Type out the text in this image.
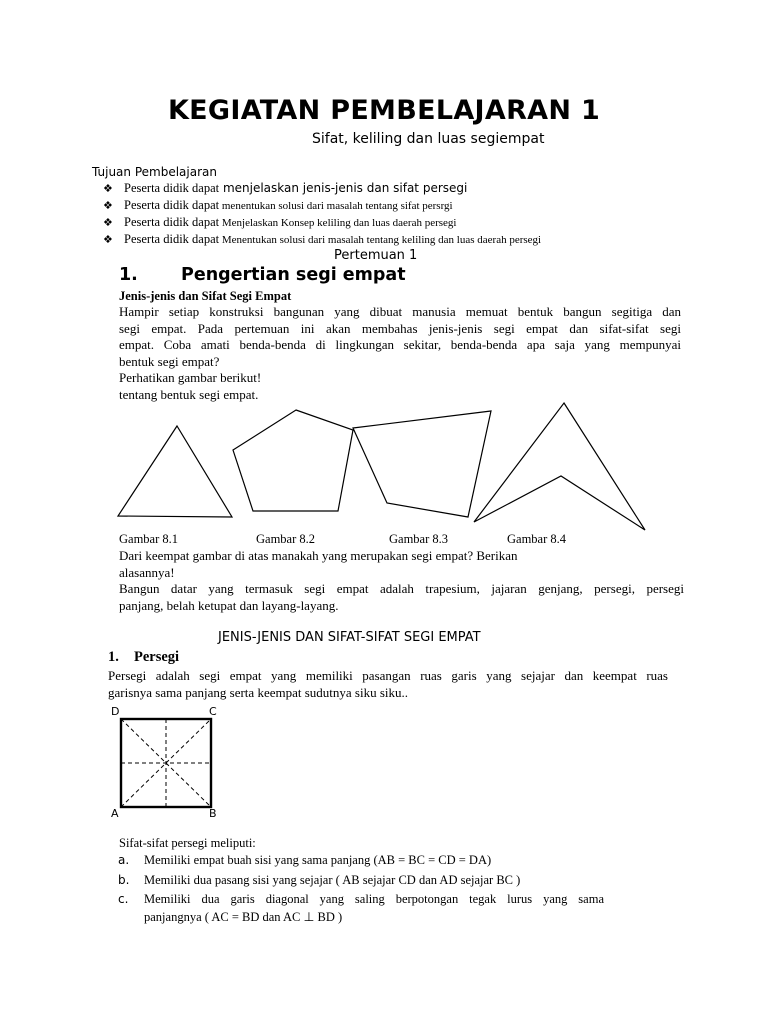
KEGIATAN PEMBELAJARAN 1
Sifat, keliling dan luas segiempat
Tujuan Pembelajaran
❖ Peserta didik dapat menjelaskan jenis-jenis dan sifat persegi
❖ Peserta didik dapat menentukan solusi dari masalah tentang sifat persrgi
❖ Peserta didik dapat Menjelaskan Konsep keliling dan luas daerah persegi
❖ Peserta didik dapat Menentukan solusi dari masalah tentang keliling dan luas daerah persegi
Pertemuan 1
1. Pengertian segi empat
Jenis-jenis dan Sifat Segi Empat
Hampir setiap konstruksi bangunan yang dibuat manusia memuat bentuk bangun segitiga dan
segi empat. Pada pertemuan ini akan membahas jenis-jenis segi empat dan sifat-sifat segi
empat. Coba amati benda-benda di lingkungan sekitar, benda-benda apa saja yang mempunyai
bentuk segi empat?
Perhatikan gambar berikut!
tentang bentuk segi empat.
Gambar 8.1	Gambar 8.2	Gambar 8.3	Gambar 8.4
Dari keempat gambar di atas manakah yang merupakan segi empat? Berikan
alasannya!
Bangun datar yang termasuk segi empat adalah trapesium, jajaran genjang, persegi, persegi
panjang, belah ketupat dan layang-layang.
JENIS-JENIS DAN SIFAT-SIFAT SEGI EMPAT
1. Persegi
Persegi adalah segi empat yang memiliki pasangan ruas garis yang sejajar dan keempat ruas
garisnya sama panjang serta keempat sudutnya siku siku..
D	C
A	B
Sifat-sifat persegi meliputi:
a. Memiliki empat buah sisi yang sama panjang (AB = BC = CD = DA)
b. Memiliki dua pasang sisi yang sejajar ( AB sejajar CD dan AD sejajar BC )
c. Memiliki dua garis diagonal yang saling berpotongan tegak lurus yang sama
panjangnya ( AC = BD dan AC ⊥ BD )
